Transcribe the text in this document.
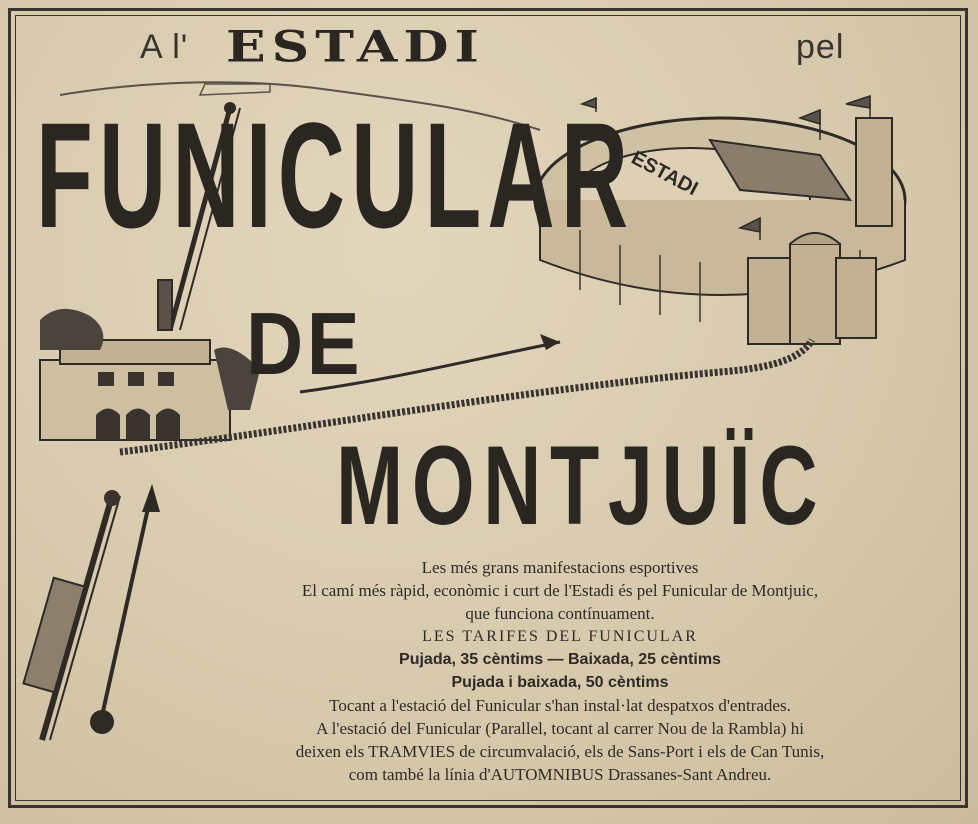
A l' ESTADI	pel
ESTADI
FUNICULAR
DE
MONTJUÏC
Les més grans manifestacions esportives
El camí més ràpid, econòmic i curt de l'Estadi és pel Funicular de Montjuic,
que funciona contínuament.
LES TARIFES DEL FUNICULAR
Pujada, 35 cèntims — Baixada, 25 cèntims
Pujada i baixada, 50 cèntims
Tocant a l'estació del Funicular s'han instal·lat despatxos d'entrades.
A l'estació del Funicular (Parallel, tocant al carrer Nou de la Rambla) hi
deixen els TRAMVIES de circumvalació, els de Sans-Port i els de Can Tunis,
com també la línia d'AUTOMNIBUS Drassanes-Sant Andreu.
